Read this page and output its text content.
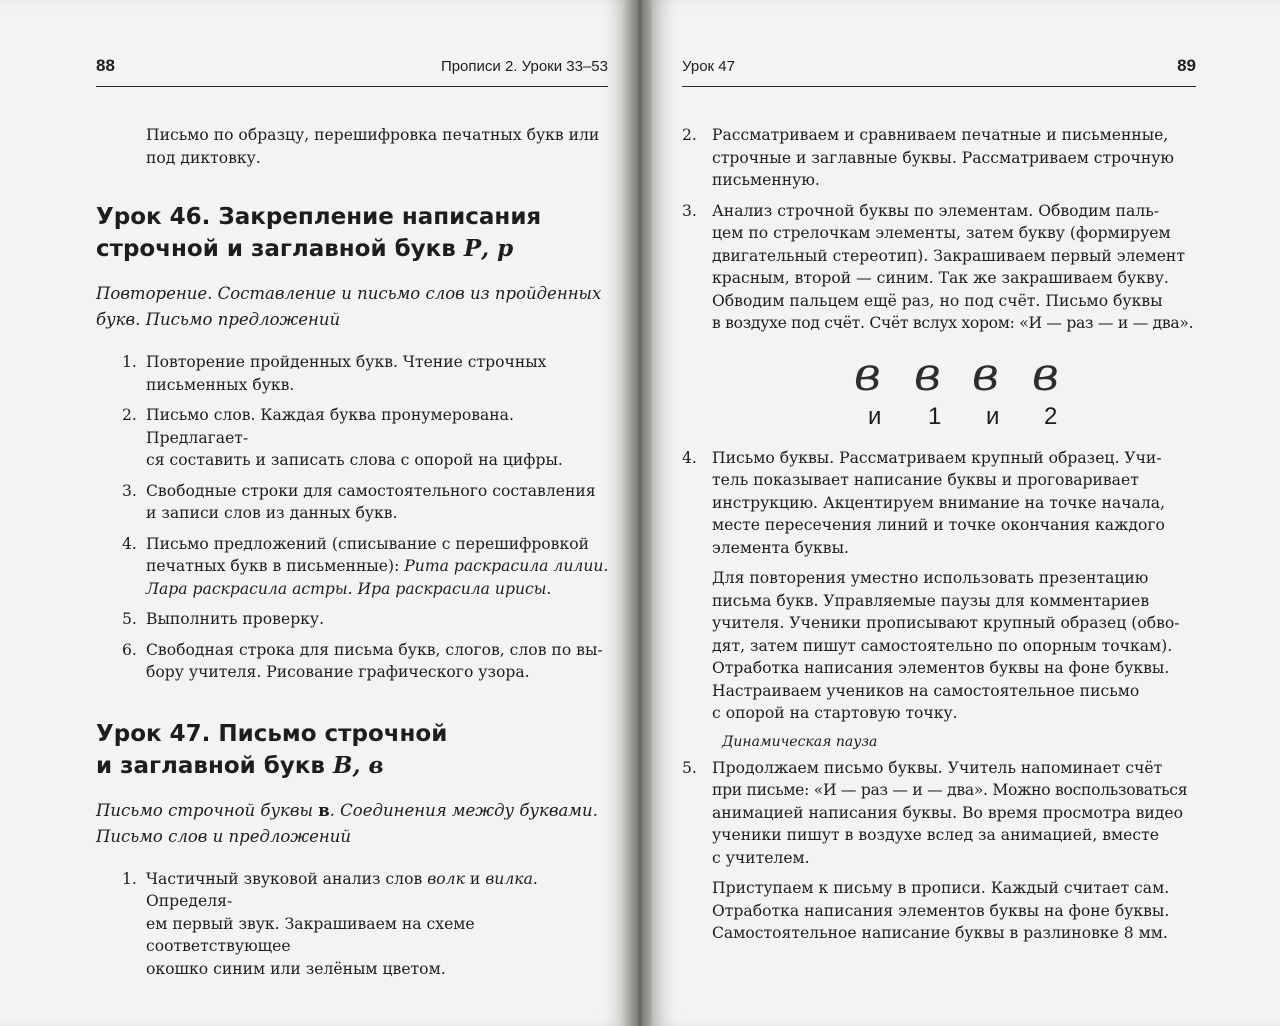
88	Прописи 2. Уроки 33–53

Письмо по образцу, перешифровка печатных букв или

под диктовку.

Урок 46. Закрепление написания
строчной и заглавной букв Р, р

Повторение. Составление и письмо слов из пройденных

букв. Письмо предложений

1. Повторение пройденных букв. Чтение строчных

письменных букв.

2. Письмо слов. Каждая буква пронумерована. Предлагает-

ся составить и записать слова с опорой на цифры.

3. Свободные строки для самостоятельного составления

и записи слов из данных букв.

4. Письмо предложений (списывание с перешифровкой

печатных букв в письменные): Рита раскрасила лилии.

Лара раскрасила астры. Ира раскрасила ирисы.

5. Выполнить проверку.

6. Свободная строка для письма букв, слогов, слов по вы-

бору учителя. Рисование графического узора.

Урок 47. Письмо строчной
и заглавной букв В, в

Письмо строчной буквы в. Соединения между буквами.

Письмо слов и предложений

1. Частичный звуковой анализ слов волк и вилка. Определя-

ем первый звук. Закрашиваем на схеме соответствующее

окошко синим или зелёным цветом.

Урок 47	89
2. Рассматриваем и сравниваем печатные и письменные,

строчные и заглавные буквы. Рассматриваем строчную

письменную.

3. Анализ строчной буквы по элементам. Обводим паль-

цем по стрелочкам элементы, затем букву (формируем

двигательный стереотип). Закрашиваем первый элемент

красным, второй — синим. Так же закрашиваем букву.

Обводим пальцем ещё раз, но под счёт. Письмо буквы

в воздухе под счёт. Счёт вслух хором: «И — раз — и — два».

в в в в
и 1 и 2
4. Письмо буквы. Рассматриваем крупный образец. Учи-

тель показывает написание буквы и проговаривает

инструкцию. Акцентируем внимание на точке начала,

месте пересечения линий и точке окончания каждого

элемента буквы.

Для повторения уместно использовать презентацию

письма букв. Управляемые паузы для комментариев

учителя. Ученики прописывают крупный образец (обво-

дят, затем пишут самостоятельно по опорным точкам).

Отработка написания элементов буквы на фоне буквы.

Настраиваем учеников на самостоятельное письмо

с опорой на стартовую точку.

Динамическая пауза

5. Продолжаем письмо буквы. Учитель напоминает счёт

при письме: «И — раз — и — два». Можно воспользоваться

анимацией написания буквы. Во время просмотра видео

ученики пишут в воздухе вслед за анимацией, вместе

с учителем.

Приступаем к письму в прописи. Каждый считает сам.

Отработка написания элементов буквы на фоне буквы.

Самостоятельное написание буквы в разлиновке 8 мм.
